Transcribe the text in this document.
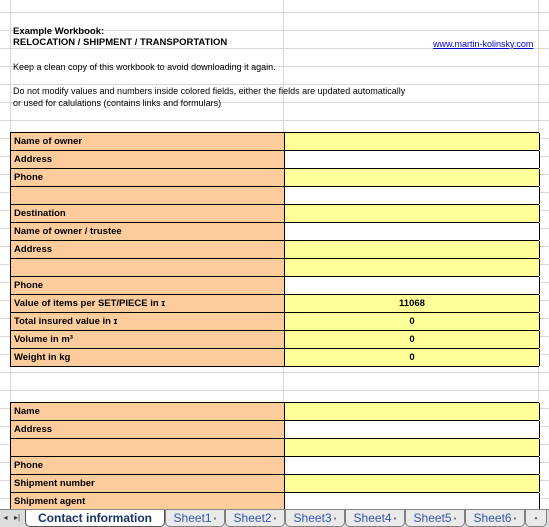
Example Workbook:
RELOCATION / SHIPMENT / TRANSPORTATION	www.martin-kolinsky.com
Keep a clean copy of this workbook to avoid downloading it again.
Do not modify values and numbers inside colored fields, either the fields are updated automatically
or used for calulations (contains links and formulars)
Name of owner
Address
Phone
Destination
Name of owner / trustee
Address
Phone
Value of items per SET/PIECE in ɪ	11068
Total insured value in ɪ	0
Volume in m³	0
Weight in kg	0
Name
Address
Phone
Shipment number
Shipment agent
◂ ▸|	Contact information	Sheet1 ▪	Sheet2 ▪	Sheet3 ▪	Sheet4 ▪	Sheet5 ▪	Sheet6 ▪	▪
